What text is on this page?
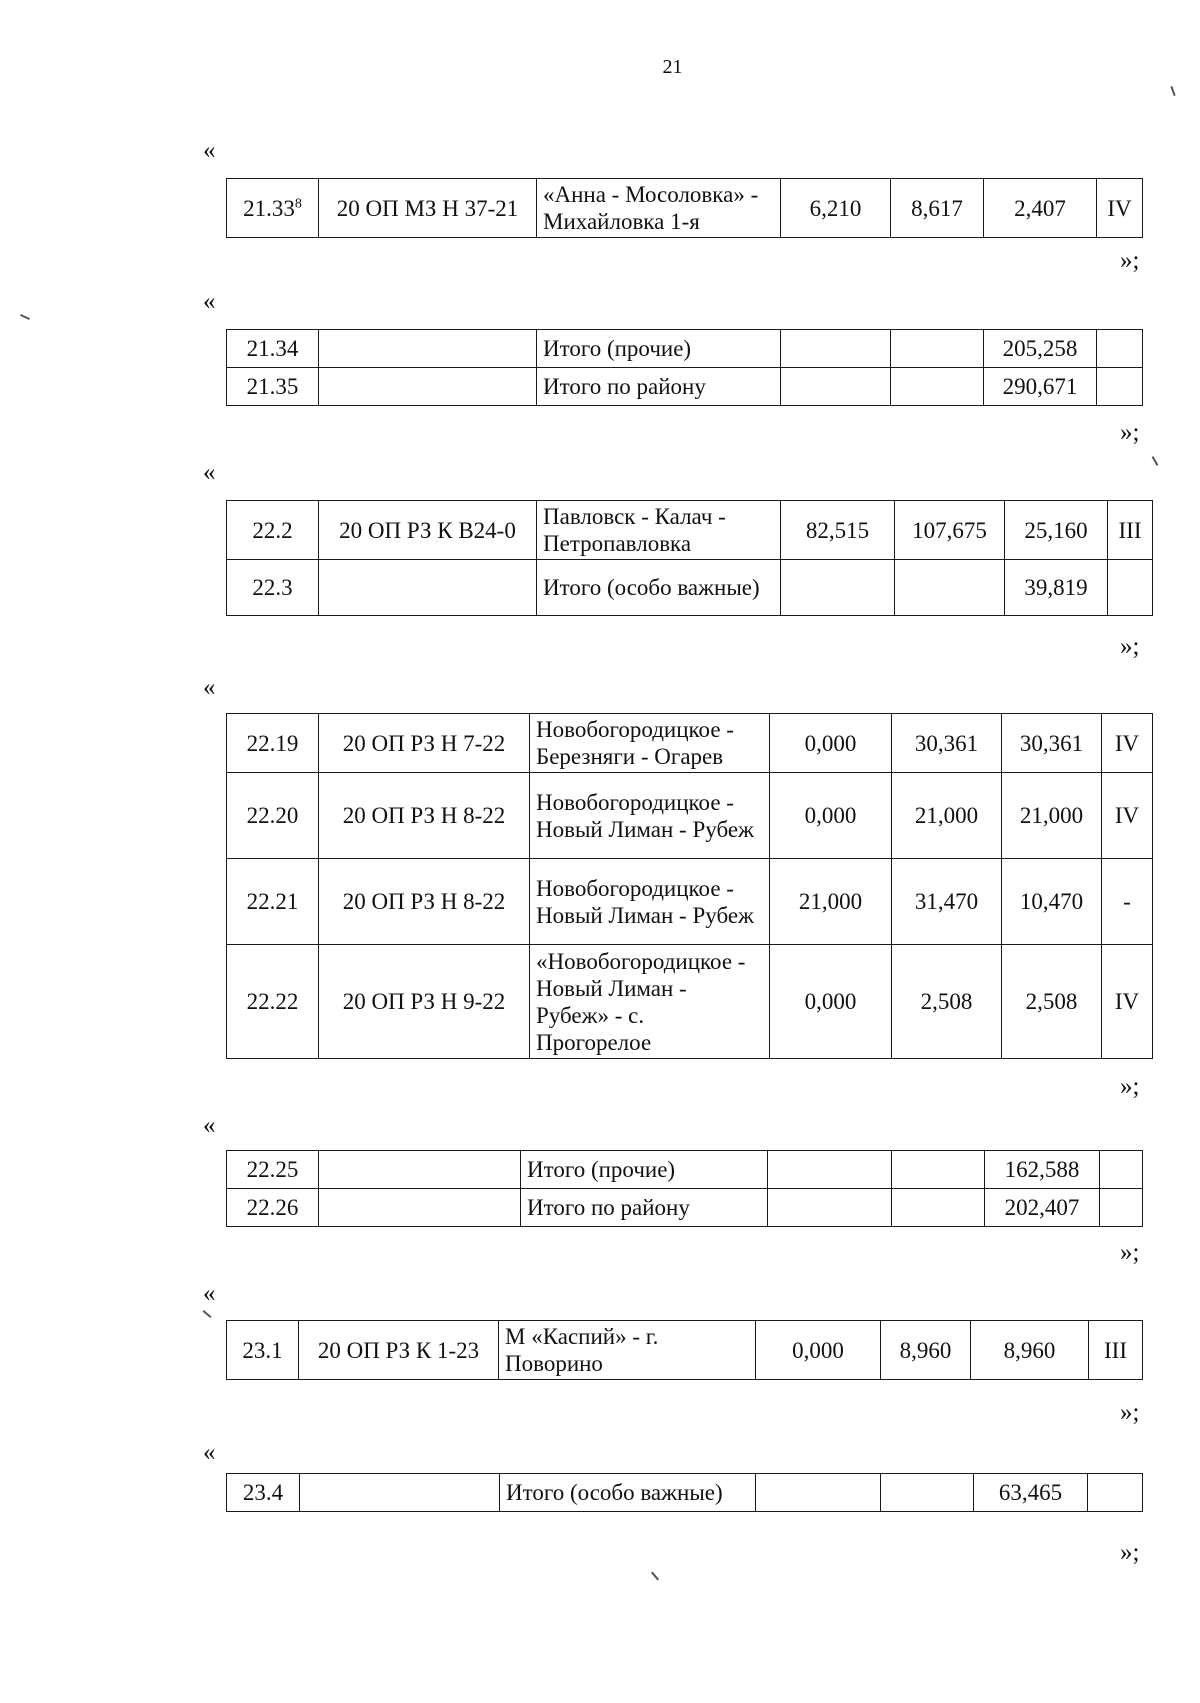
21
«
21.33$^8$	20 ОП МЗ Н 37-21	«Анна - Мосоловка» - Михайловка 1-я	6,210	8,617	2,407	IV
»;
«
21.34		Итого (прочие)			205,258	
21.35		Итого по району			290,671	
»;
«
22.2	20 ОП РЗ К В24-0	Павловск - Калач - Петропавловка	82,515	107,675	25,160	III
22.3		Итого (особо важные)			39,819	
»;
«
22.19	20 ОП РЗ Н 7-22	Новобогородицкое - Березняги - Огарев	0,000	30,361	30,361	IV
22.20	20 ОП РЗ Н 8-22	Новобогородицкое - Новый Лиман - Рубеж	0,000	21,000	21,000	IV
22.21	20 ОП РЗ Н 8-22	Новобогородицкое - Новый Лиман - Рубеж	21,000	31,470	10,470	-
22.22	20 ОП РЗ Н 9-22	«Новобогородицкое - Новый Лиман - Рубеж» - с. Прогорелое	0,000	2,508	2,508	IV
»;
«
22.25		Итого (прочие)			162,588	
22.26		Итого по району			202,407	
»;
«
23.1	20 ОП РЗ К 1-23	М «Каспий» - г. Поворино	0,000	8,960	8,960	III
»;
«
23.4		Итого (особо важные)			63,465	
»;
